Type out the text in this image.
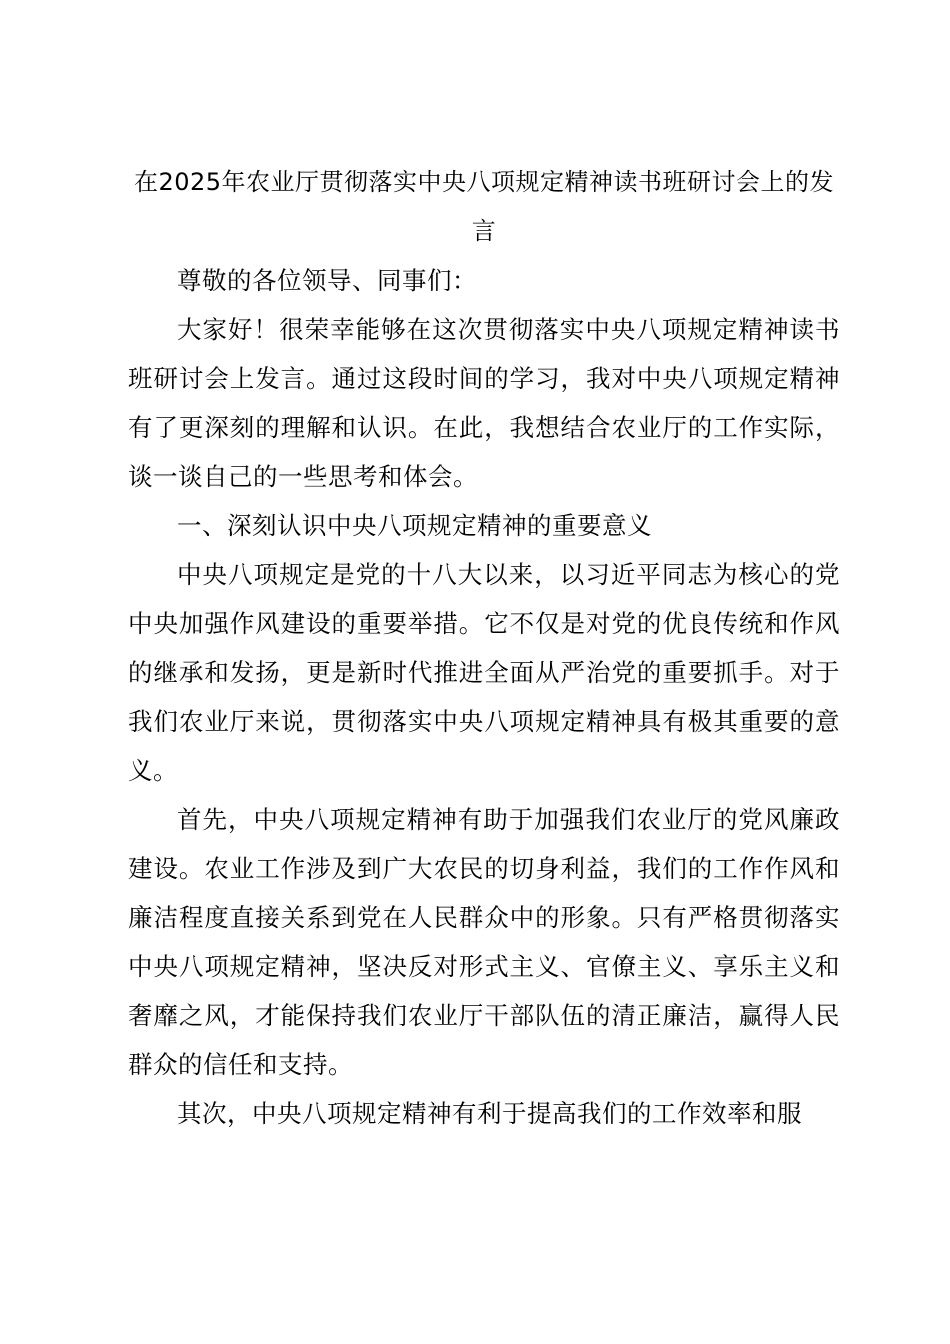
在2025年农业厅贯彻落实中央八项规定精神读书班研讨会上的发言

尊敬的各位领导、同事们：

大家好！很荣幸能够在这次贯彻落实中央八项规定精神读书班研讨会上发言。通过这段时间的学习，我对中央八项规定精神有了更深刻的理解和认识。在此，我想结合农业厅的工作实际，谈一谈自己的一些思考和体会。

一、深刻认识中央八项规定精神的重要意义

中央八项规定是党的十八大以来，以习近平同志为核心的党中央加强作风建设的重要举措。它不仅是对党的优良传统和作风的继承和发扬，更是新时代推进全面从严治党的重要抓手。对于我们农业厅来说，贯彻落实中央八项规定精神具有极其重要的意义。

首先，中央八项规定精神有助于加强我们农业厅的党风廉政建设。农业工作涉及到广大农民的切身利益，我们的工作作风和廉洁程度直接关系到党在人民群众中的形象。只有严格贯彻落实中央八项规定精神，坚决反对形式主义、官僚主义、享乐主义和奢靡之风，才能保持我们农业厅干部队伍的清正廉洁，赢得人民群众的信任和支持。

其次，中央八项规定精神有利于提高我们的工作效率和服
